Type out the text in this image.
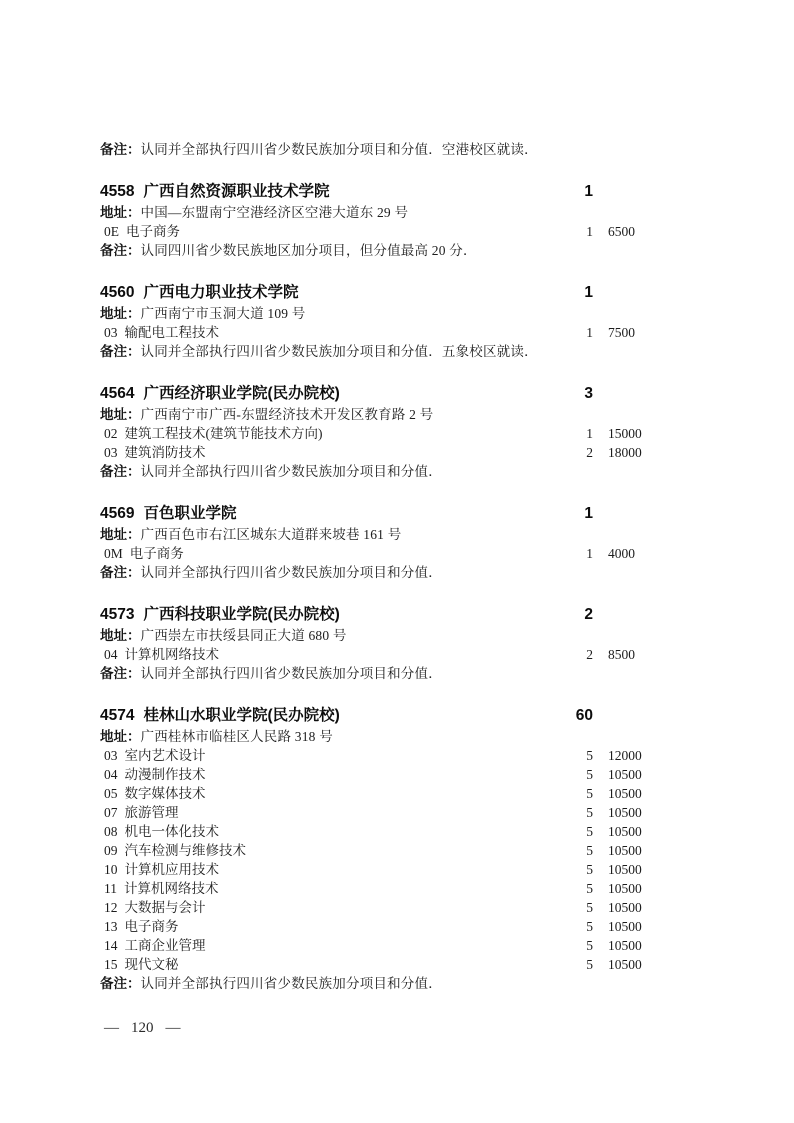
备注： 认同并全部执行四川省少数民族加分项目和分值．空港校区就读．
4558 广西自然资源职业技术学院	1
地址： 中国—东盟南宁空港经济区空港大道东 29 号
0E 电子商务	1 6500
备注： 认同四川省少数民族地区加分项目，但分值最高 20 分．
4560 广西电力职业技术学院	1
地址： 广西南宁市玉洞大道 109 号
03 输配电工程技术	1 7500
备注： 认同并全部执行四川省少数民族加分项目和分值．五象校区就读．
4564 广西经济职业学院(民办院校)	3
地址： 广西南宁市广西-东盟经济技术开发区教育路 2 号
02 建筑工程技术(建筑节能技术方向)	1 15000
03 建筑消防技术	2 18000
备注： 认同并全部执行四川省少数民族加分项目和分值．
4569 百色职业学院	1
地址： 广西百色市右江区城东大道群来坡巷 161 号
0M 电子商务	1 4000
备注： 认同并全部执行四川省少数民族加分项目和分值．
4573 广西科技职业学院(民办院校)	2
地址： 广西崇左市扶绥县同正大道 680 号
04 计算机网络技术	2 8500
备注： 认同并全部执行四川省少数民族加分项目和分值．
4574 桂林山水职业学院(民办院校)	60
地址： 广西桂林市临桂区人民路 318 号
03 室内艺术设计	5 12000
04 动漫制作技术	5 10500
05 数字媒体技术	5 10500
07 旅游管理	5 10500
08 机电一体化技术	5 10500
09 汽车检测与维修技术	5 10500
10 计算机应用技术	5 10500
11 计算机网络技术	5 10500
12 大数据与会计	5 10500
13 电子商务	5 10500
14 工商企业管理	5 10500
15 现代文秘	5 10500
备注： 认同并全部执行四川省少数民族加分项目和分值．
— 120 —
